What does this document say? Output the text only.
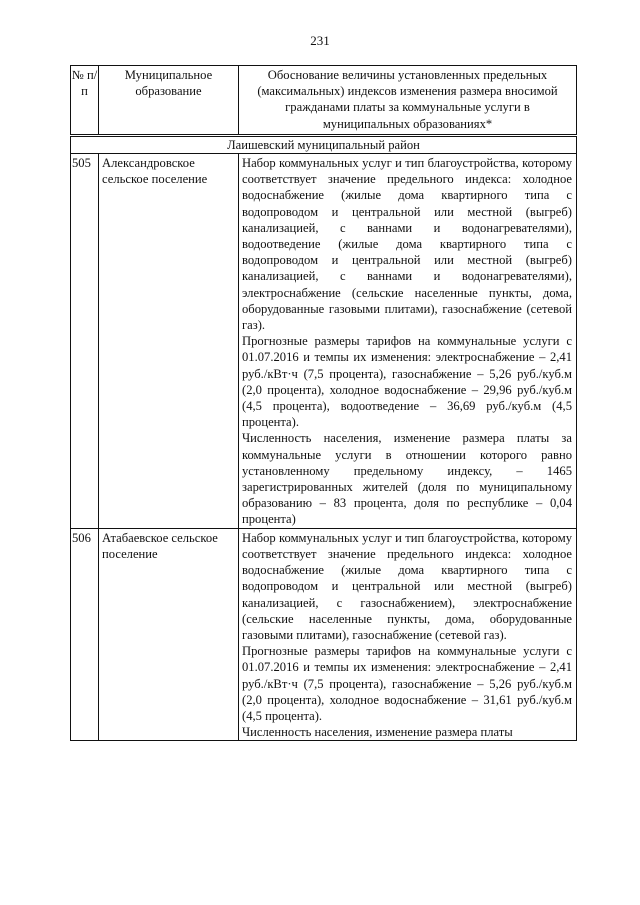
231
№ п/п	Муниципальное образование	Обоснование величины установленных предельных (максимальных) индексов изменения размера вносимой гражданами платы за коммунальные услуги в муниципальных образованиях*
Лаишевский муниципальный район		
505	Александровское сельское поселение	Набор коммунальных услуг и тип благоустройства, которому соответствует значение предельного индекса: холодное водоснабжение (жилые дома квартирного типа с водопроводом и центральной или местной (выгреб) канализацией, с ваннами и водонагревателями), водоотведение (жилые дома квартирного типа с водопроводом и центральной или местной (выгреб) канализацией, с ваннами и водонагревателями), электроснабжение (сельские населенные пункты, дома, оборудованные газовыми плитами), газоснабжение (сетевой газ).

Прогнозные размеры тарифов на коммунальные услуги с 01.07.2016 и темпы их изменения: электроснабжение – 2,41 руб./кВт·ч (7,5 процента), газоснабжение – 5,26 руб./куб.м (2,0 процента), холодное водоснабжение – 29,96 руб./куб.м (4,5 процента), водоотведение – 36,69 руб./куб.м (4,5 процента).

Численность населения, изменение размера платы за коммунальные услуги в отношении которого равно установленному предельному индексу, – 1465 зарегистрированных жителей (доля по муниципальному образованию – 83 процента, доля по республике – 0,04 процента)

506	Атабаевское сельское поселение	Набор коммунальных услуг и тип благоустройства, которому соответствует значение предельного индекса: холодное водоснабжение (жилые дома квартирного типа с водопроводом и центральной или местной (выгреб) канализацией, с газоснабжением), электроснабжение (сельские населенные пункты, дома, оборудованные газовыми плитами), газоснабжение (сетевой газ).

Прогнозные размеры тарифов на коммунальные услуги с 01.07.2016 и темпы их изменения: электроснабжение – 2,41 руб./кВт·ч (7,5 процента), газоснабжение – 5,26 руб./куб.м (2,0 процента), холодное водоснабжение – 31,61 руб./куб.м (4,5 процента).

Численность населения, изменение размера платы
